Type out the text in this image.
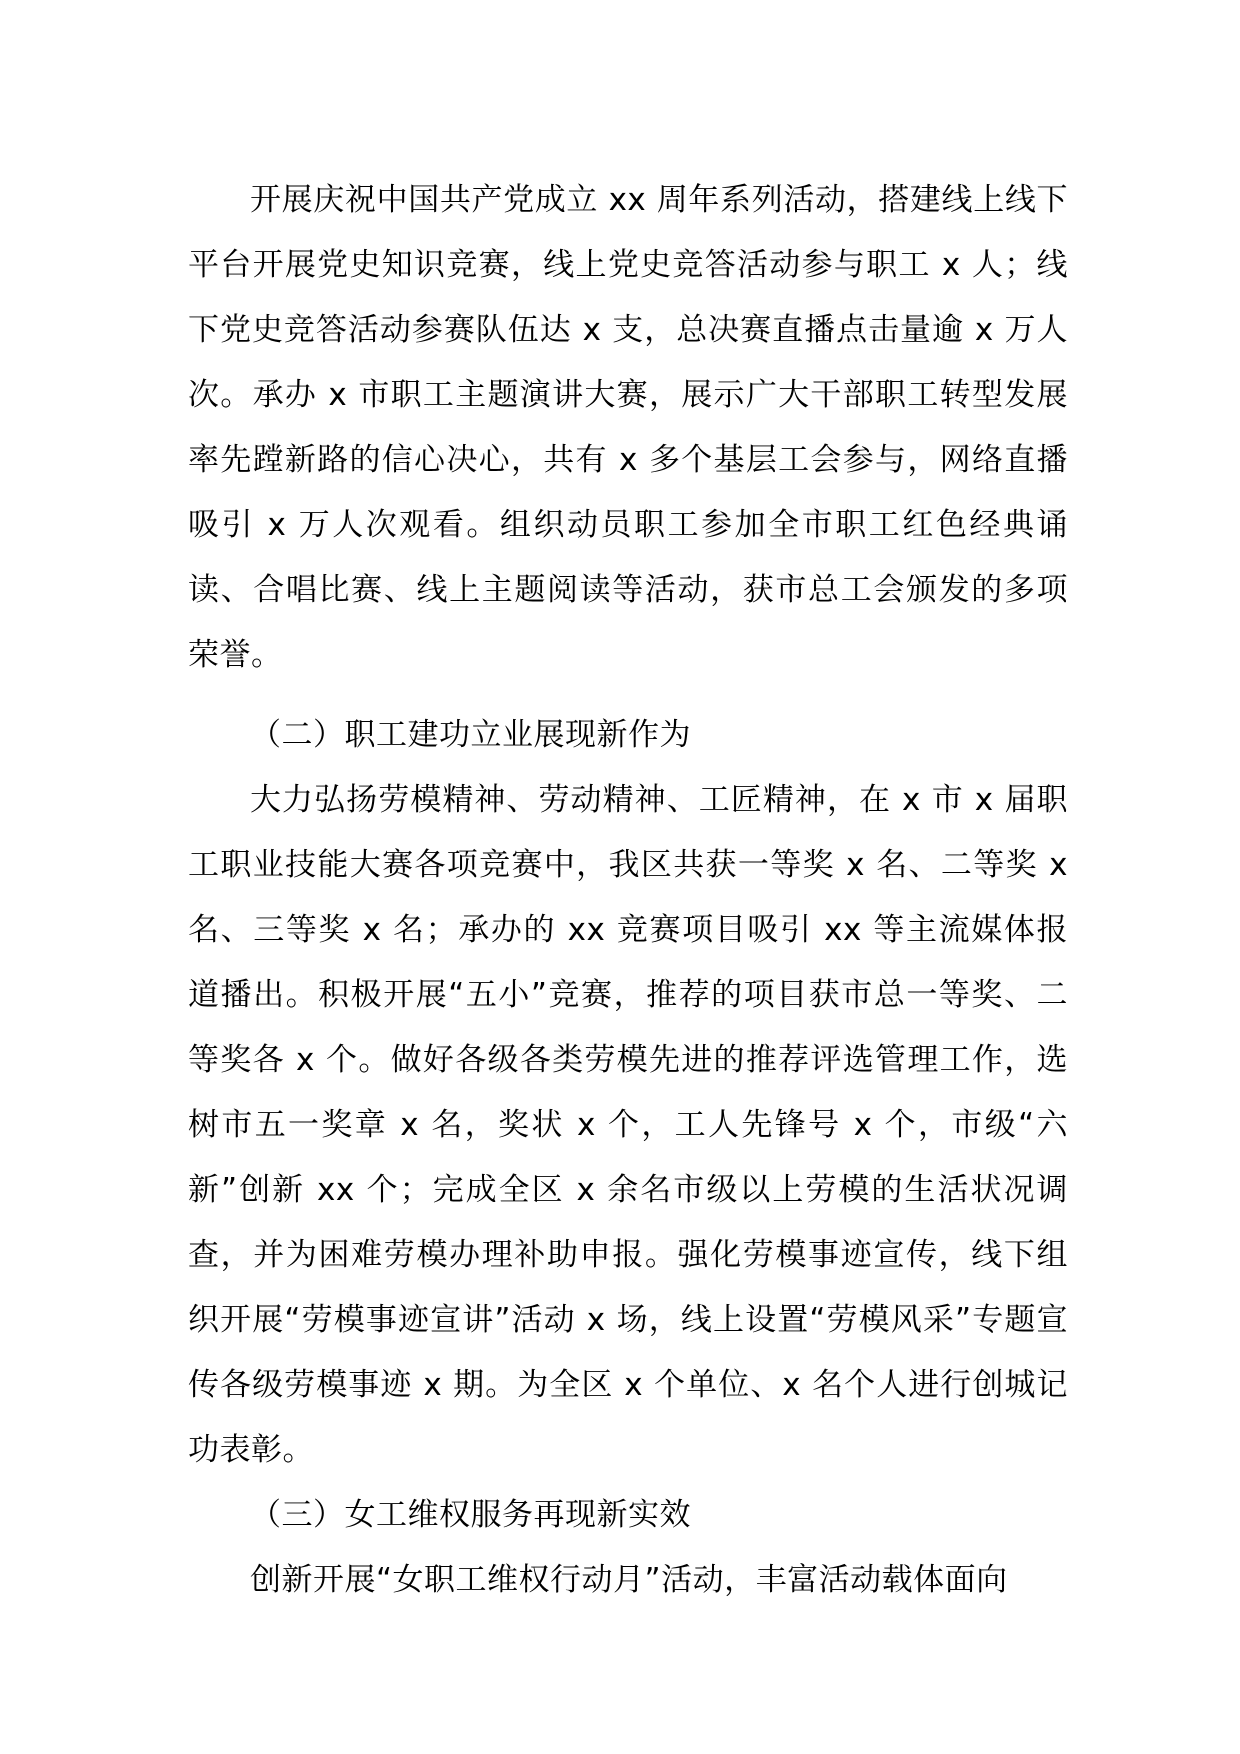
开展庆祝中国共产党成立 xx 周年系列活动，搭建线上线下平台开展党史知识竞赛，线上党史竞答活动参与职工 x 人；线下党史竞答活动参赛队伍达 x 支，总决赛直播点击量逾 x 万人次。承办 x 市职工主题演讲大赛，展示广大干部职工转型发展率先蹚新路的信心决心，共有 x 多个基层工会参与，网络直播吸引 x 万人次观看。组织动员职工参加全市职工红色经典诵读、合唱比赛、线上主题阅读等活动，获市总工会颁发的多项荣誉。

（二）职工建功立业展现新作为

大力弘扬劳模精神、劳动精神、工匠精神，在 x 市 x 届职工职业技能大赛各项竞赛中，我区共获一等奖 x 名、二等奖 x 名、三等奖 x 名；承办的 xx 竞赛项目吸引 xx 等主流媒体报道播出。积极开展“五小”竞赛，推荐的项目获市总一等奖、二等奖各 x 个。做好各级各类劳模先进的推荐评选管理工作，选树市五一奖章 x 名，奖状 x 个，工人先锋号 x 个，市级“六新”创新 xx 个；完成全区 x 余名市级以上劳模的生活状况调查，并为困难劳模办理补助申报。强化劳模事迹宣传，线下组织开展“劳模事迹宣讲”活动 x 场，线上设置“劳模风采”专题宣传各级劳模事迹 x 期。为全区 x 个单位、x 名个人进行创城记功表彰。

（三）女工维权服务再现新实效

创新开展“女职工维权行动月”活动，丰富活动载体面向
